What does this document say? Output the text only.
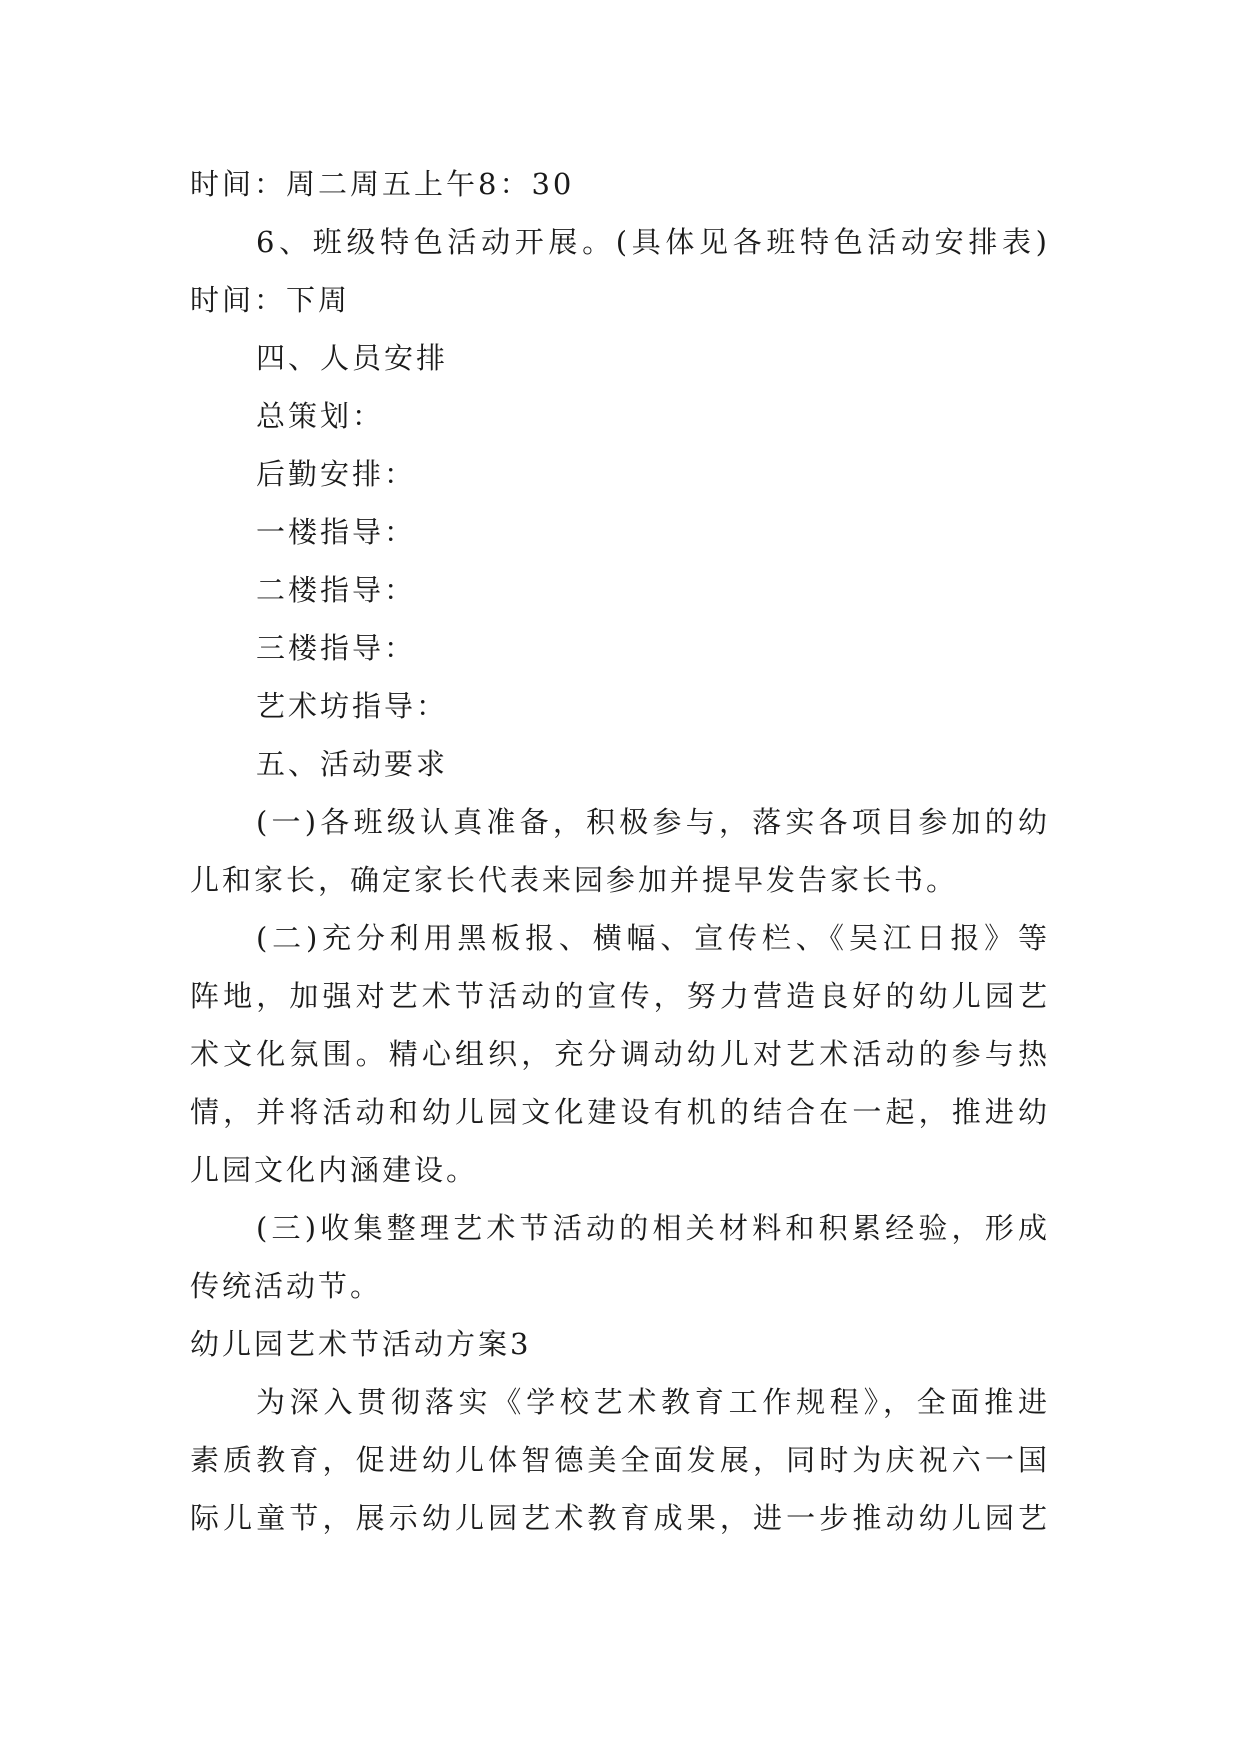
时间：周二周五上午8：30
6、班级特色活动开展。(具体见各班特色活动安排表)
时间：下周
四、人员安排
总策划：
后勤安排：
一楼指导：
二楼指导：
三楼指导：
艺术坊指导：
五、活动要求
(一)各班级认真准备，积极参与，落实各项目参加的幼
儿和家长，确定家长代表来园参加并提早发告家长书。
(二)充分利用黑板报、横幅、宣传栏、《吴江日报》等
阵地，加强对艺术节活动的宣传，努力营造良好的幼儿园艺
术文化氛围。精心组织，充分调动幼儿对艺术活动的参与热
情，并将活动和幼儿园文化建设有机的结合在一起，推进幼
儿园文化内涵建设。
(三)收集整理艺术节活动的相关材料和积累经验，形成
传统活动节。
幼儿园艺术节活动方案3
为深入贯彻落实《学校艺术教育工作规程》，全面推进
素质教育，促进幼儿体智德美全面发展，同时为庆祝六一国
际儿童节，展示幼儿园艺术教育成果，进一步推动幼儿园艺
